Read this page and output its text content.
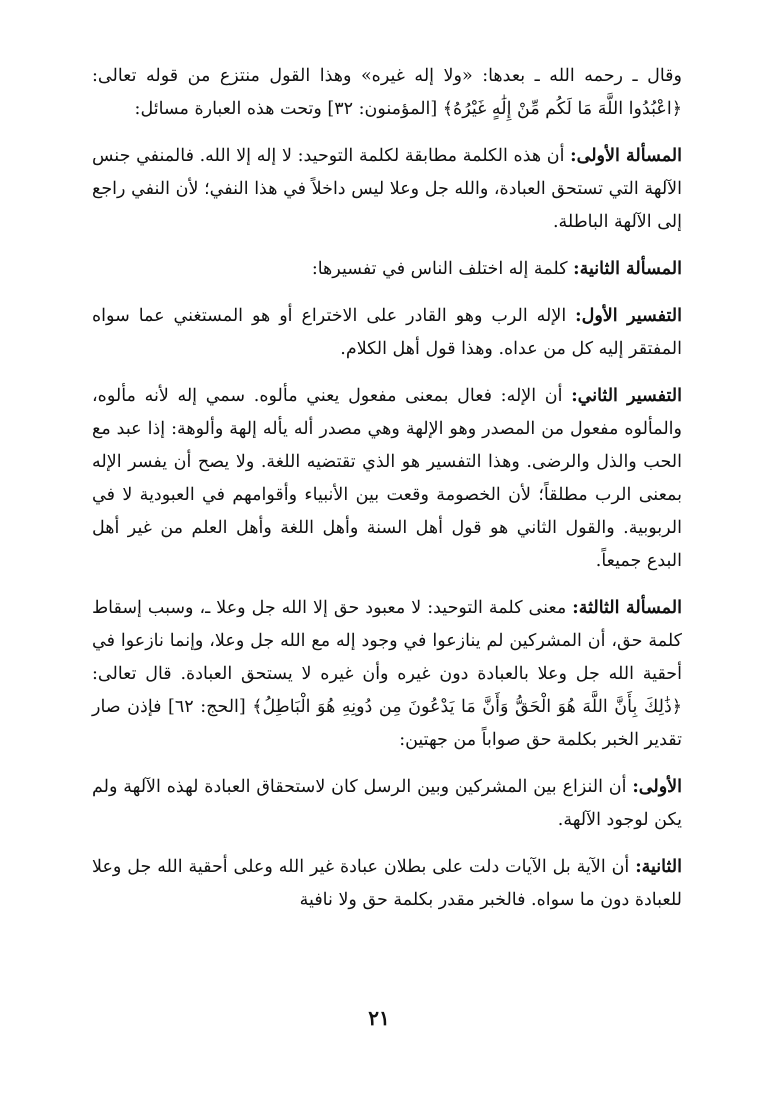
وقال ـ رحمه الله ـ بعدها: «ولا إله غيره» وهذا القول منتزع من قوله تعالى: ﴿اعْبُدُوا اللَّهَ مَا لَكُم مِّنْ إِلَٰهٍ غَيْرُهُ﴾ [المؤمنون: ٣٢] وتحت هذه العبارة مسائل:

المسألة الأولى: أن هذه الكلمة مطابقة لكلمة التوحيد: لا إله إلا الله. فالمنفي جنس الآلهة التي تستحق العبادة، والله جل وعلا ليس داخلاً في هذا النفي؛ لأن النفي راجع إلى الآلهة الباطلة.

المسألة الثانية: كلمة إله اختلف الناس في تفسيرها:

التفسير الأول: الإله الرب وهو القادر على الاختراع أو هو المستغني عما سواه المفتقر إليه كل من عداه. وهذا قول أهل الكلام.

التفسير الثاني: أن الإله: فعال بمعنى مفعول يعني مألوه. سمي إله لأنه مألوه، والمألوه مفعول من المصدر وهو الإلهة وهي مصدر أله يأله إلهة وألوهة: إذا عبد مع الحب والذل والرضى. وهذا التفسير هو الذي تقتضيه اللغة. ولا يصح أن يفسر الإله بمعنى الرب مطلقاً؛ لأن الخصومة وقعت بين الأنبياء وأقوامهم في العبودية لا في الربوبية. والقول الثاني هو قول أهل السنة وأهل اللغة وأهل العلم من غير أهل البدع جميعاً.

المسألة الثالثة: معنى كلمة التوحيد: لا معبود حق إلا الله جل وعلا ـ، وسبب إسقاط كلمة حق، أن المشركين لم ينازعوا في وجود إله مع الله جل وعلا، وإنما نازعوا في أحقية الله جل وعلا بالعبادة دون غيره وأن غيره لا يستحق العبادة. قال تعالى: ﴿ذَٰلِكَ بِأَنَّ اللَّهَ هُوَ الْحَقُّ وَأَنَّ مَا يَدْعُونَ مِن دُونِهِ هُوَ الْبَاطِلُ﴾ [الحج: ٦٢] فإذن صار تقدير الخبر بكلمة حق صواباً من جهتين:

الأولى: أن النزاع بين المشركين وبين الرسل كان لاستحقاق العبادة لهذه الآلهة ولم يكن لوجود الآلهة.

الثانية: أن الآية بل الآيات دلت على بطلان عبادة غير الله وعلى أحقية الله جل وعلا للعبادة دون ما سواه. فالخبر مقدر بكلمة حق ولا نافية

٢١
